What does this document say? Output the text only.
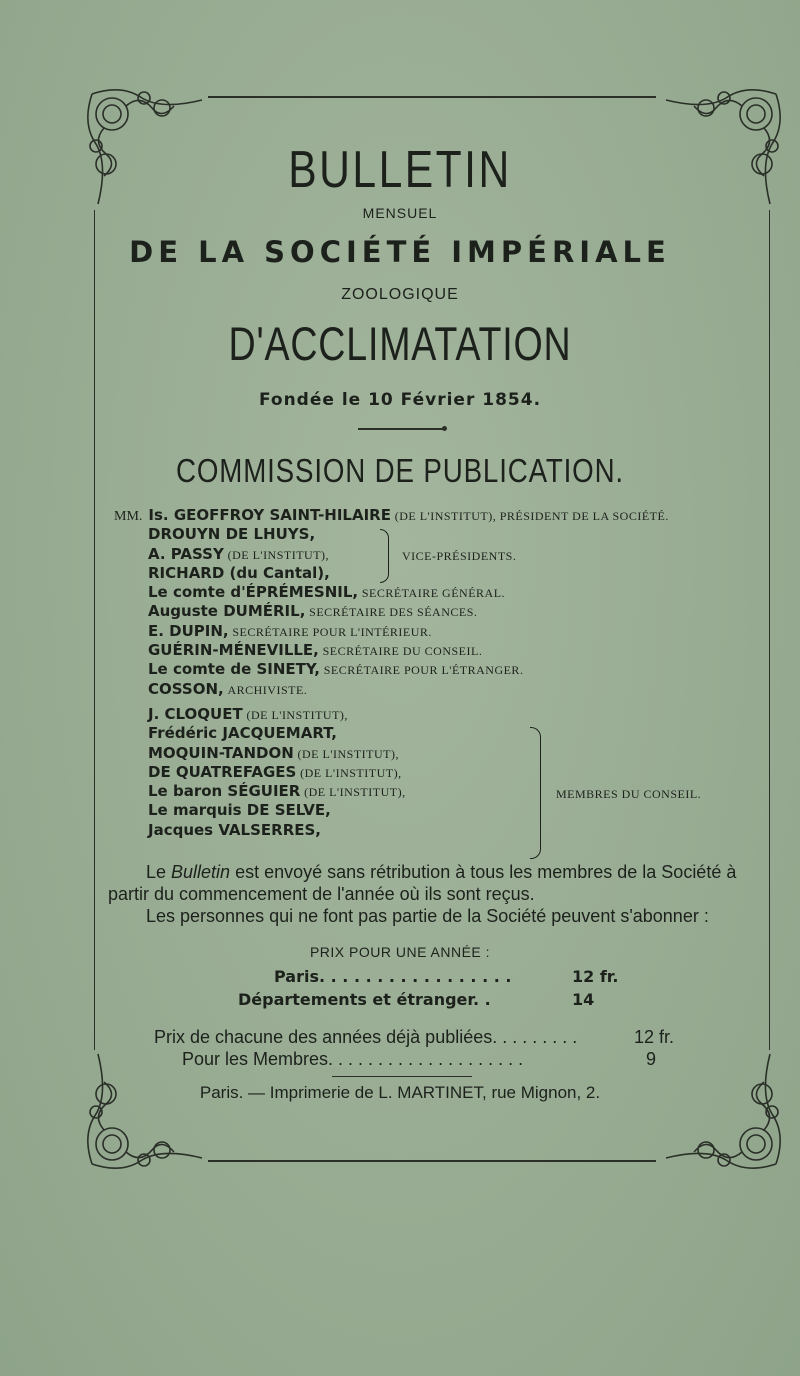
BULLETIN
MENSUEL
DE LA SOCIÉTÉ IMPÉRIALE
ZOOLOGIQUE
D'ACCLIMATATION
Fondée le 10 Février 1854.
COMMISSION DE PUBLICATION.
MM. Is. GEOFFROY SAINT-HILAIRE (DE L'INSTITUT), PRÉSIDENT DE LA SOCIÉTÉ.
DROUYN DE LHUYS,
A. PASSY (DE L'INSTITUT),
RICHARD (du Cantal),
VICE-PRÉSIDENTS.
Le comte d'ÉPRÉMESNIL, SECRÉTAIRE GÉNÉRAL.
Auguste DUMÉRIL, SECRÉTAIRE DES SÉANCES.
E. DUPIN, SECRÉTAIRE POUR L'INTÉRIEUR.
GUÉRIN-MÉNEVILLE, SECRÉTAIRE DU CONSEIL.
Le comte de SINETY, SECRÉTAIRE POUR L'ÉTRANGER.
COSSON, ARCHIVISTE.
J. CLOQUET (DE L'INSTITUT),
Frédéric JACQUEMART,
MOQUIN-TANDON (DE L'INSTITUT),
DE QUATREFAGES (DE L'INSTITUT),
Le baron SÉGUIER (DE L'INSTITUT),
Le marquis DE SELVE,
Jacques VALSERRES,
MEMBRES DU CONSEIL.
Le Bulletin est envoyé sans rétribution à tous les membres de la Société à partir du commencement de l'année où ils sont reçus.
Les personnes qui ne font pas partie de la Société peuvent s'abonner :
PRIX POUR UNE ANNÉE :
Paris. . . . . . . . . . . . . . . . .	12 fr.
Départements et étranger. .	14
Prix de chacune des années déjà publiées. . . . . . . . .	12 fr.
Pour les Membres. . . . . . . . . . . . . . . . . . . .	9
Paris. — Imprimerie de L. MARTINET, rue Mignon, 2.
